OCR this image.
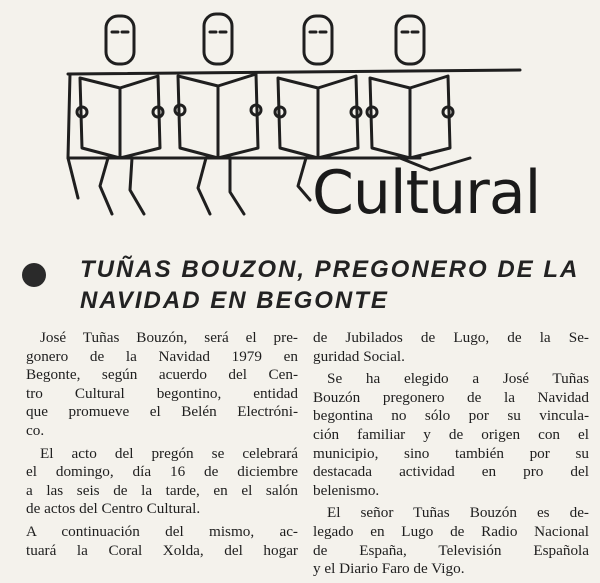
Cultural
TUÑAS BOUZON, PREGONERO DE LA
NAVIDAD EN BEGONTE

José Tuñas Bouzón, será el pre-
gonero de la Navidad 1979 en
Begonte, según acuerdo del Cen-
tro Cultural begontino, entidad
que promueve el Belén Electróni-
co.

El acto del pregón se celebrará
el domingo, día 16 de diciembre
a las seis de la tarde, en el salón
de actos del Centro Cultural.

A continuación del mismo, ac-
tuará la Coral Xolda, del hogar

de Jubilados de Lugo, de la Se-
guridad Social.

Se ha elegido a José Tuñas
Bouzón pregonero de la Navidad
begontina no sólo por su vincula-
ción familiar y de origen con el
municipio, sino también por su
destacada actividad en pro del
belenismo.

El señor Tuñas Bouzón es de-
legado en Lugo de Radio Nacional
de España, Televisión Española
y el Diario Faro de Vigo.
